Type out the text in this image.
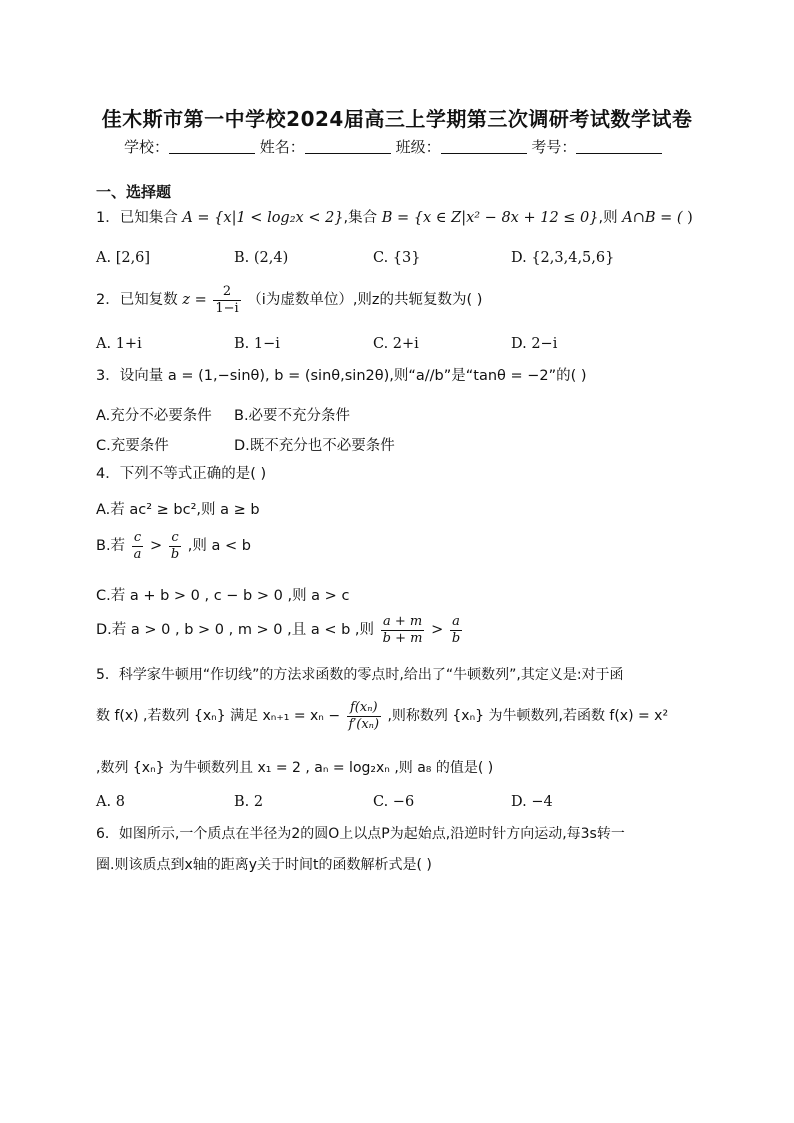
佳木斯市第一中学校2024届高三上学期第三次调研考试数学试卷
学校：	姓名：	班级：	考号：
一、选择题
1．已知集合 A = {x|1 < log₂x < 2},集合 B = {x ∈ Z|x² − 8x + 12 ≤ 0},则 A∩B = ( )
A. [2,6]	B. (2,4)	C. {3}	D. {2,3,4,5,6}
2．已知复数 $z = \frac{2}{1-i} (i$为虚数单位）,则z的共轭复数为( )
A. 1+i	B. 1−i	C. 2+i	D. 2−i
3．设向量 a = (1,−sinθ), b = (sinθ,sin2θ),则“a//b”是“tanθ = −2”的( )
A.充分不必要条件 B.必要不充分条件
C.充要条件	D.既不充分也不必要条件
4．下列不等式正确的是( )
A.若 ac² ≥ bc²,则 a ≥ b
B.若 $\frac{c}{a} > \frac{c}{b}$ ,则 a < b
C.若 a + b > 0 , c − b > 0 ,则 a > c
D.若 a > 0 , b > 0 , m > 0 ,且 a < b ,则 $\frac{a + m}{b + m} > \frac{a}{b}$
5．科学家牛顿用“作切线”的方法求函数的零点时,给出了“牛顿数列”,其定义是:对于函
数 f(x) ,若数列 {xₙ} 满足 $x_{n+1} = x_n - \frac{\text{f(xₙ)}}{\text{f′(xₙ)}}$ ,则称数列 {xₙ} 为牛顿数列,若函数 f(x) = x²
,数列 {xₙ} 为牛顿数列且 x₁ = 2 , aₙ = log₂xₙ ,则 a₈ 的值是( )
A. 8	B. 2	C. −6	D. −4
6．如图所示,一个质点在半径为2的圆O上以点P为起始点,沿逆时针方向运动,每3s转一
圈.则该质点到x轴的距离y关于时间t的函数解析式是( )
